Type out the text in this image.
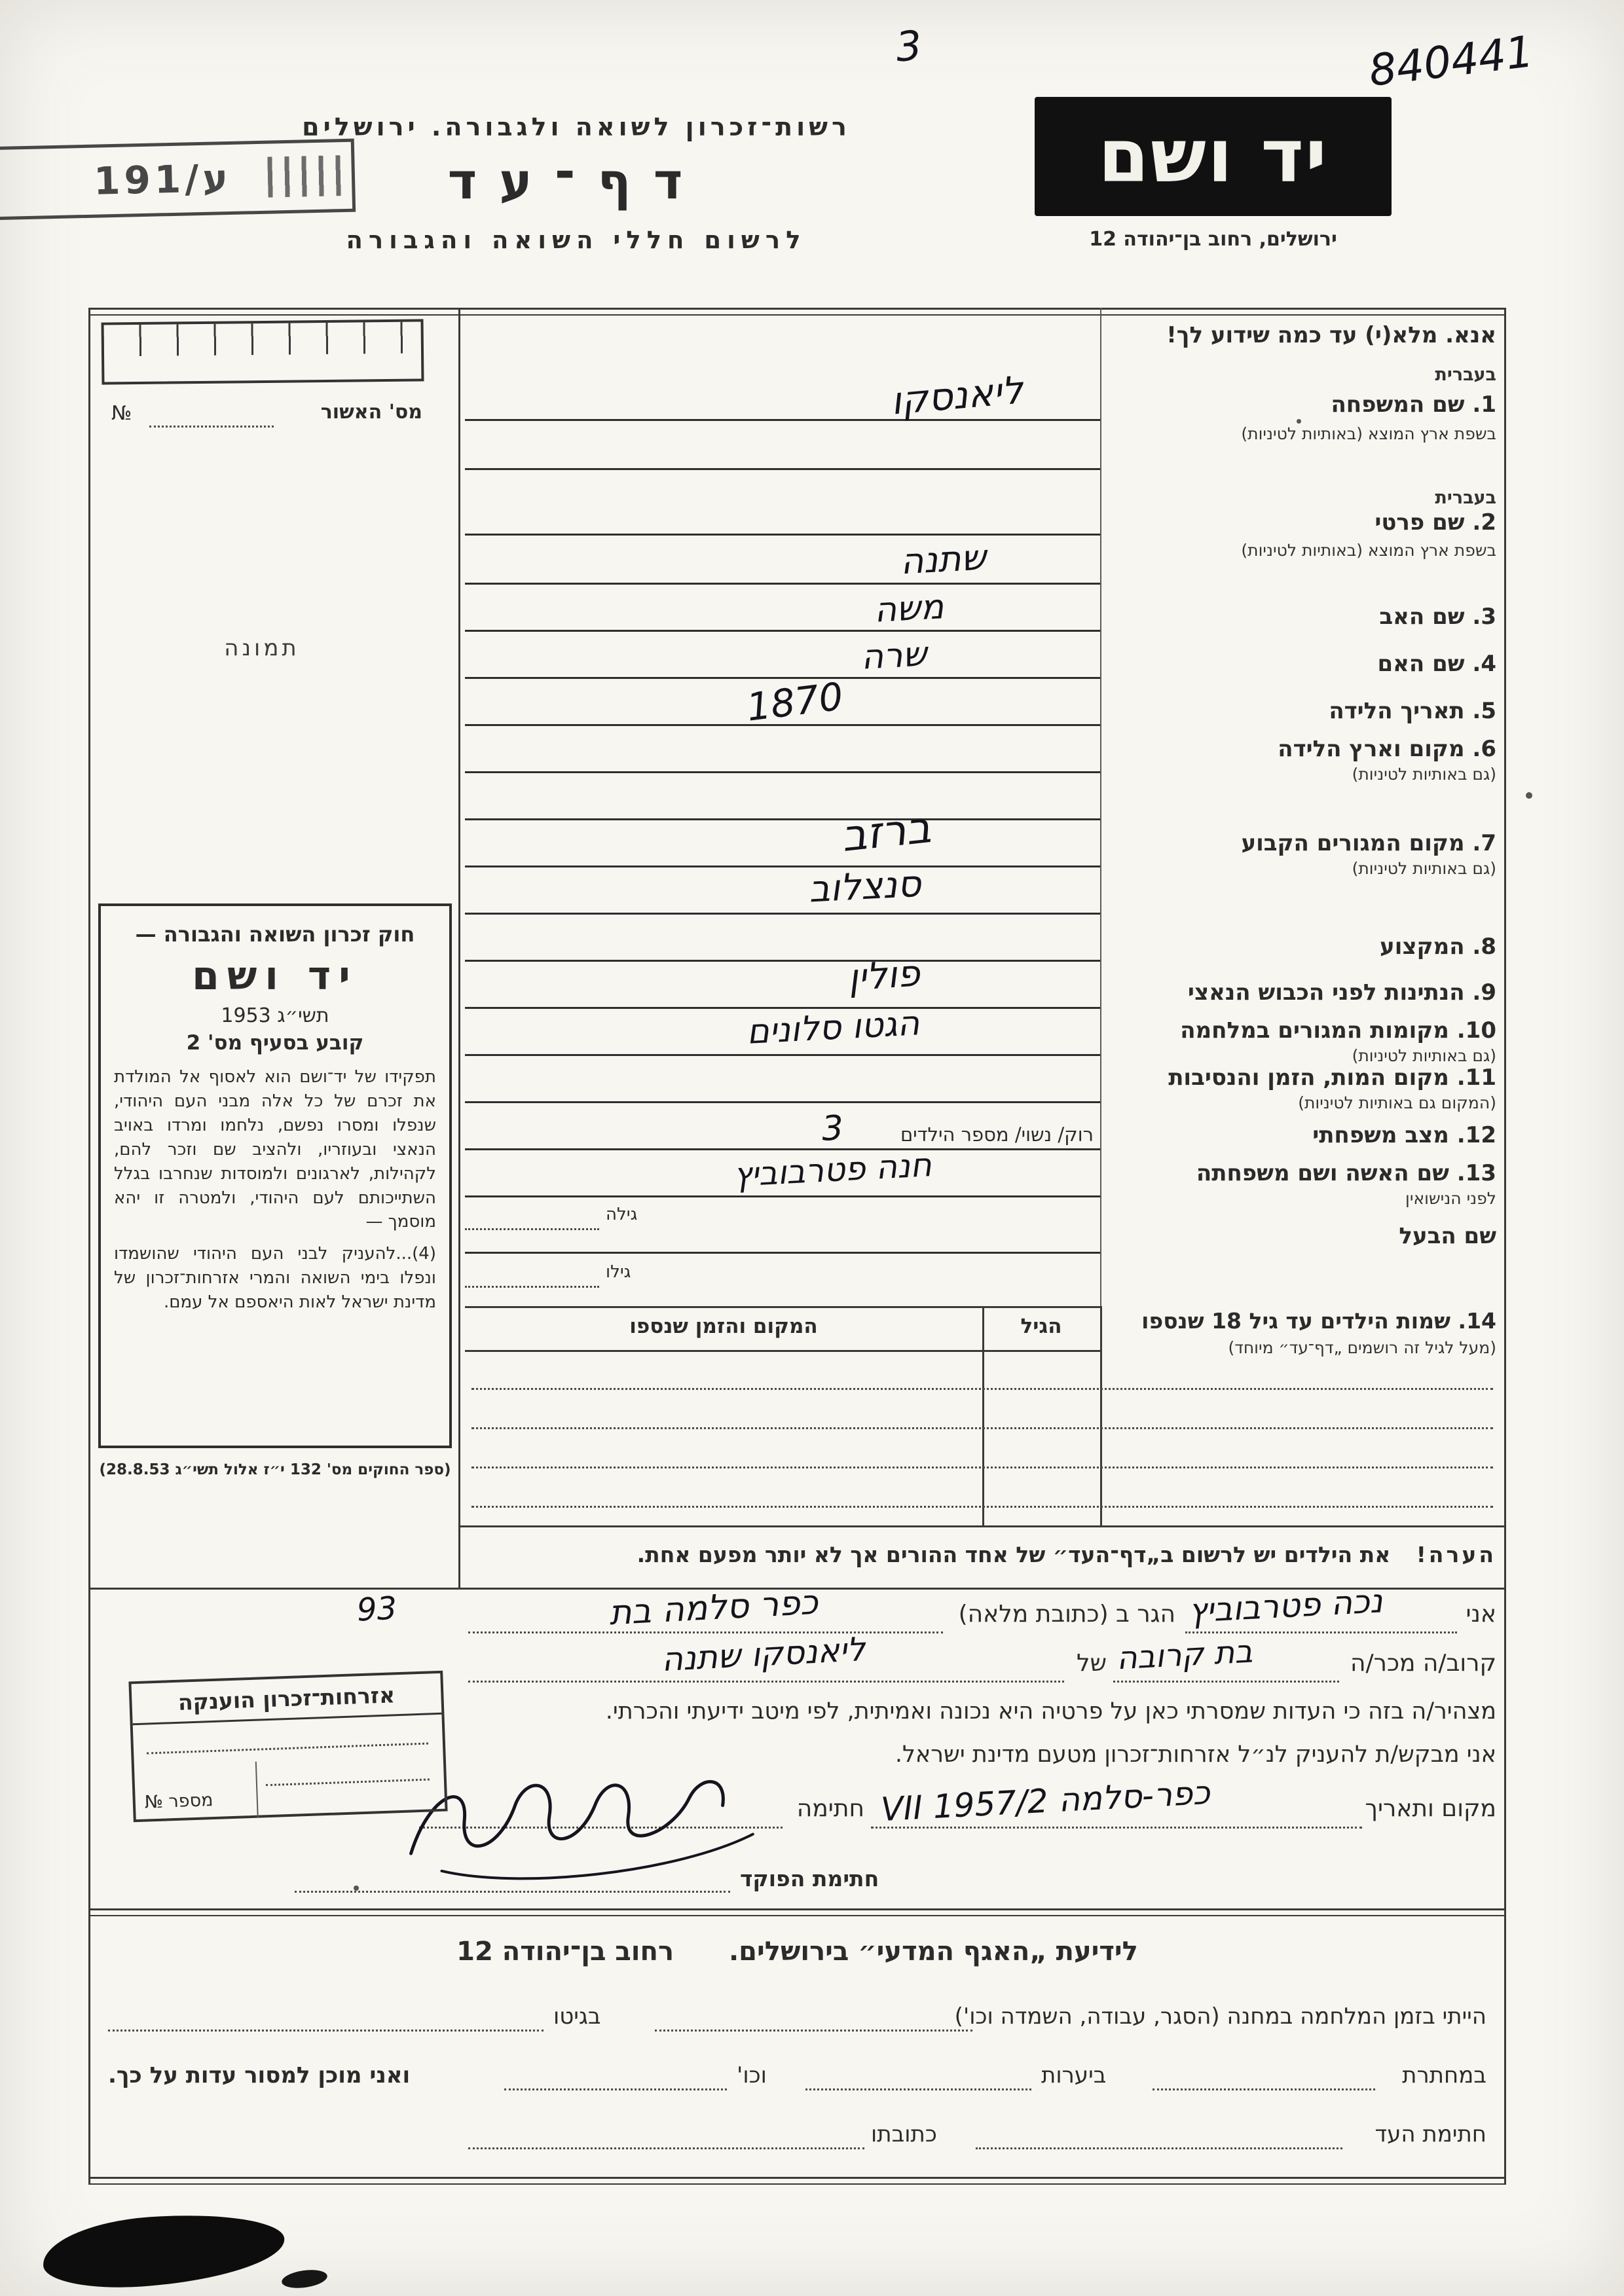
840441
3
ע/191
רשות־זכרון לשואה ולגבורה. ירושלים
דף־עד
לרשום חללי השואה והגבורה
יד ושם
ירושלים, רחוב בן־יהודה 12
מס' האשור
№
תמונה
חוק זכרון השואה והגבורה —
יד ושם
תשי״ג 1953
קובע בסעיף מס' 2
תפקידו של יד־ושם הוא לאסוף אל המולדת את זכרם של כל אלה מבני העם היהודי, שנפלו ומסרו נפשם, נלחמו ומרדו באויב הנאצי ובעוזריו, ולהציב שם וזכר להם, לקהילות, לארגונים ולמוסדות שנחרבו בגלל השתייכותם לעם היהודי, ולמטרה זו יהא מוסמך —
(4)...להעניק לבני העם היהודי שהושמדו ונפלו בימי השואה והמרי אזרחות־זכרון של מדינת ישראל לאות היאספם אל עמם.
(ספר החוקים מס' 132 י״ז אלול תשי״ג 28.8.53)
אנא. מלא(י) עד כמה שידוע לך!
בעברית
1. שם המשפחה
בשפת ארץ המוצא (באותיות לטיניות)
בעברית
2. שם פרטי
בשפת ארץ המוצא (באותיות לטיניות)
3. שם האב
4. שם האם
5. תאריך הלידה
6. מקום וארץ הלידה
(גם באותיות לטיניות)
7. מקום המגורים הקבוע
(גם באותיות לטיניות)
8. המקצוע
9. הנתינות לפני הכבוש הנאצי
10. מקומות המגורים במלחמה
(גם באותיות לטיניות)
11. מקום המות, הזמן והנסיבות
(המקום גם באותיות לטיניות)
12. מצב משפחתי
רוק/ נשוי/ מספר הילדים
13. שם האשה ושם משפחתה
לפני הנישואין
גילה
שם הבעל
גילו
14. שמות הילדים עד גיל 18 שנספו
(מעל לגיל זה רושמים „דף־עד״ מיוחד)
המקום והזמן שנספו	הגיל
הערה! את הילדים יש לרשום ב„דף־העד״ של אחד ההורים אך לא יותר מפעם אחת.
ליאנסקו
שתנה
משה
שרה
1870
ברזב
סנצלוב
פולין
הגטו סלונים
3
חנה פטרבוביץ
אני
נכה פטרבוביץ
הגר ב (כתובת מלאה)
כפר סלמה בת
93
קרוב/ה מכר/ה
בת קרובה
של
ליאנסקו שתנה
מצהיר/ה בזה כי העדות שמסרתי כאן על פרטיה היא נכונה ואמיתית, לפי מיטב ידיעתי והכרתי.
אני מבקש/ת להעניק לנ״ל אזרחות־זכרון מטעם מדינת ישראל.
מקום ותאריך
כפר-סלמה 2/VII 1957
חתימה
חתימת הפוקד
אזרחות־זכרון הוענקה
מספר №
לידיעת „האגף המדעי״ בירושלים. רחוב בן־יהודה 12
הייתי בזמן המלחמה במחנה (הסגר, עבודה, השמדה וכו')
בגיטו
במחתרת
ביערות
וכו'
ואני מוכן למסור עדות על כך.
חתימת העד
כתובתו
